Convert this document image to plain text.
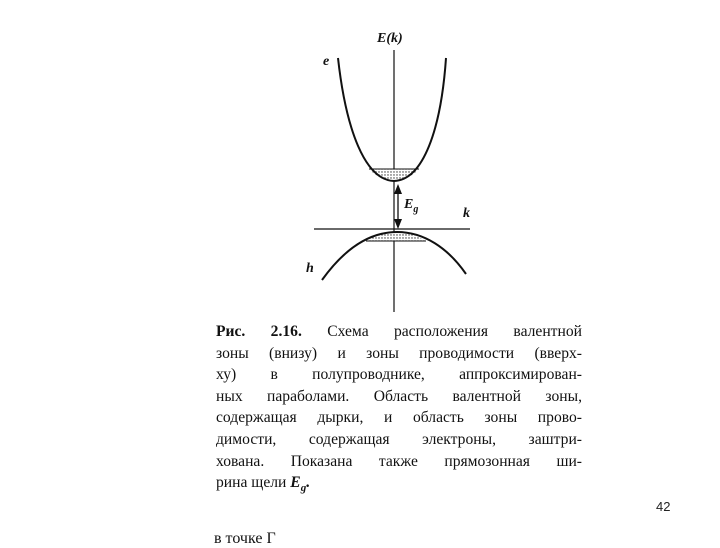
E(k)
e
k
h
$E_g$
Рис. 2.16. Схема расположения валентной
зоны (внизу) и зоны проводимости (вверх-
ху) в полупроводнике, аппроксимирован-
ных параболами. Область валентной зоны,
содержащая дырки, и область зоны прово-
димости, содержащая электроны, заштри-
хована. Показана также прямозонная ши-
рина щели $E_g$.
42
в точке Г
